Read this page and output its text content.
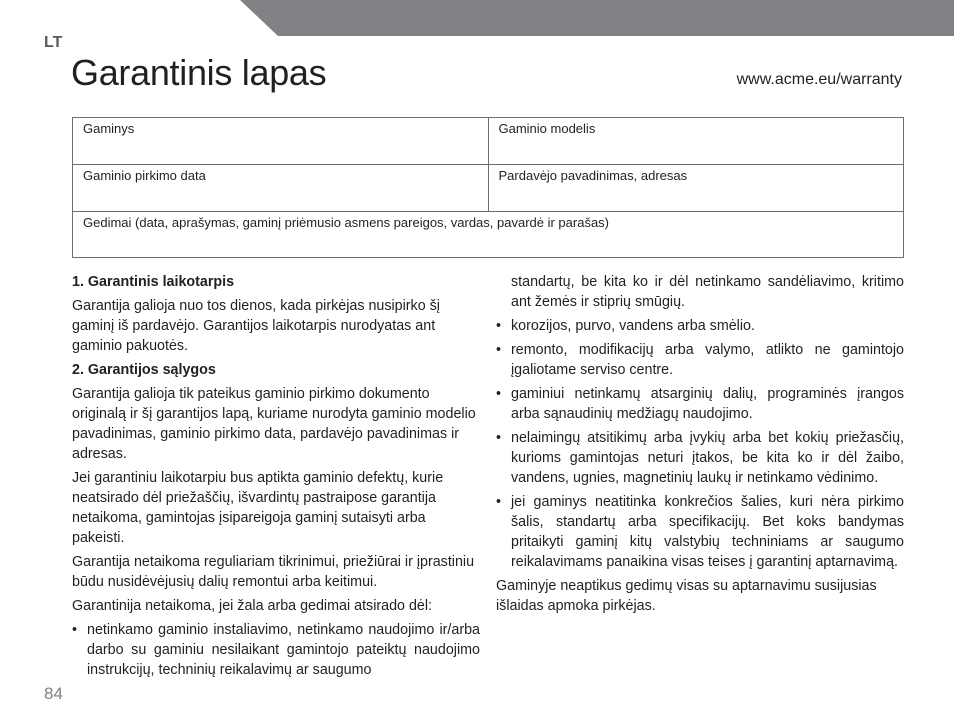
LT
Garantinis lapas	www.acme.eu/warranty
Gaminys	Gaminio modelis
Gaminio pirkimo data	Pardavėjo pavadinimas, adresas
Gedimai (data, aprašymas, gaminį priėmusio asmens pareigos, vardas, pavardė ir parašas)	
1. Garantinis laikotarpis

Garantija galioja nuo tos dienos, kada pirkėjas nusipirko šį gaminį iš pardavėjo. Garantijos laikotarpis nurodyatas ant gaminio pakuotės.

2. Garantijos sąlygos

Garantija galioja tik pateikus gaminio pirkimo dokumento originalą ir šį garantijos lapą, kuriame nurodyta gaminio modelio pavadinimas, gaminio pirkimo data, pardavėjo pavadinimas ir adresas.

Jei garantiniu laikotarpiu bus aptikta gaminio defektų, kurie neatsirado dėl priežaščių, išvardintų pastraipose garantija netaikoma, gamintojas įsipareigoja gaminį sutaisyti arba pakeisti.

Garantija netaikoma reguliariam tikrinimui, priežiūrai ir įprastiniu būdu nusidėvėjusių dalių remontui arba keitimui.

Garantinija netaikoma, jei žala arba gedimai atsirado dėl:

• netinkamo gaminio instaliavimo, netinkamo naudojimo ir/arba darbo su gaminiu nesilaikant gamintojo pateiktų naudojimo instrukcijų, techninių reikalavimų ar saugumo
standartų, be kita ko ir dėl netinkamo sandėliavimo, kritimo ant žemės ir stiprių smūgių.
• korozijos, purvo, vandens arba smėlio.
• remonto, modifikacijų arba valymo, atlikto ne gamintojo įgaliotame serviso centre.
• gaminiui netinkamų atsarginių dalių, programinės įrangos arba sąnaudinių medžiagų naudojimo.
• nelaimingų atsitikimų arba įvykių arba bet kokių priežasčių, kurioms gamintojas neturi įtakos, be kita ko ir dėl žaibo, vandens, ugnies, magnetinių laukų ir netinkamo vėdinimo.
• jei gaminys neatitinka konkrečios šalies, kuri nėra pirkimo šalis, standartų arba specifikacijų. Bet koks bandymas pritaikyti gaminį kitų valstybių techniniams ar saugumo reikalavimams panaikina visas teises į garantinį aptarnavimą.

Gaminyje neaptikus gedimų visas su aptarnavimu susijusias išlaidas apmoka pirkėjas.

84
